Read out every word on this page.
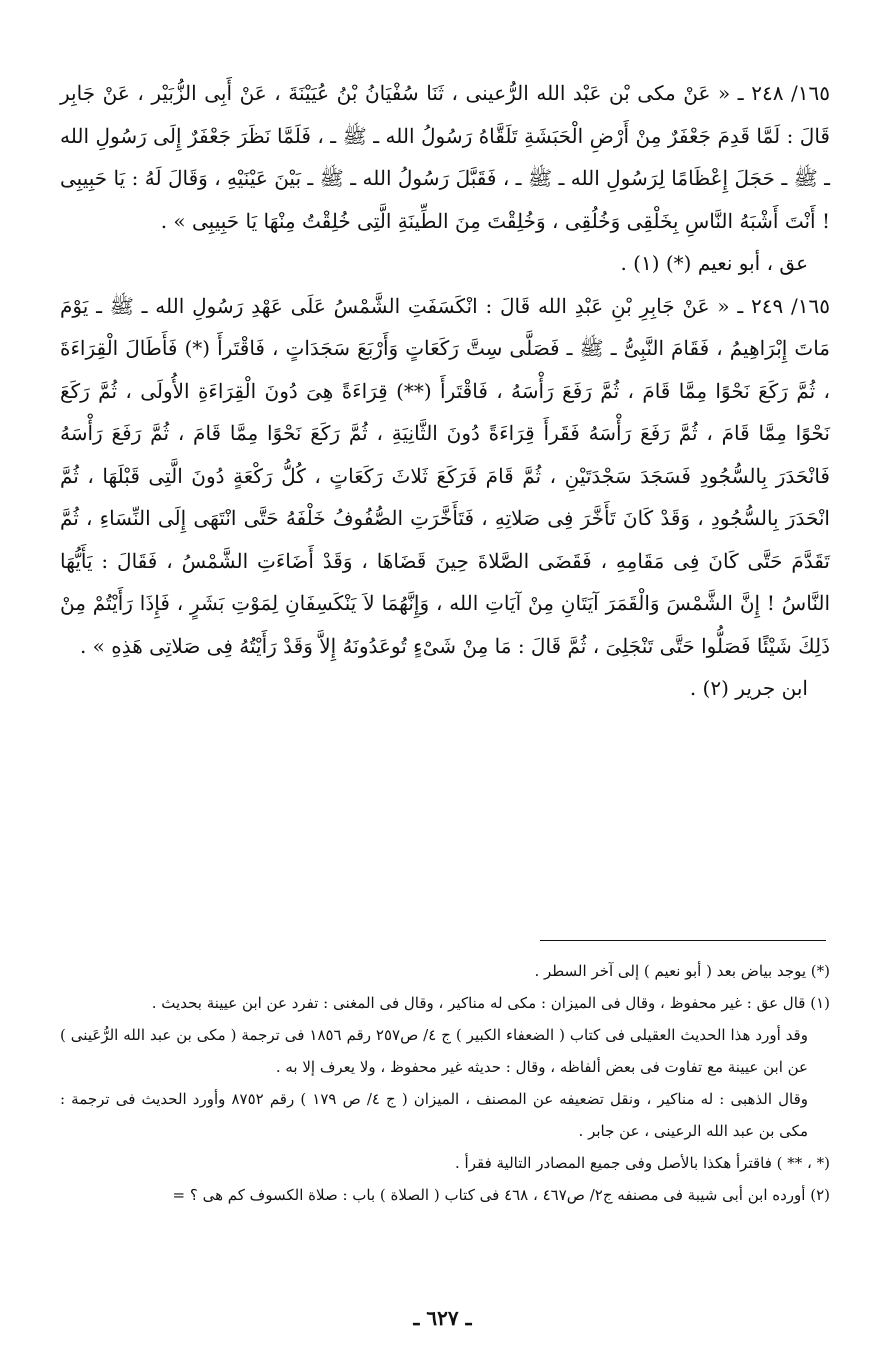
١٦٥/ ٢٤٨ ـ « عَنْ مكى بْن عَبْد الله الرُّعينى ، ثَنَا سُفْيَانُ بْنُ عُيَيْنَةَ ، عَنْ أَبِى الزُّبَيْر ، عَنْ جَابِر قَالَ : لَمَّا قَدِمَ جَعْفَرٌ مِنْ أَرْضِ الْحَبَشَةِ تَلَقَّاهُ رَسُولُ الله ـ ﷺ ـ ، فَلَمَّا نَظَرَ جَعْفَرٌ إِلَى رَسُولِ الله ـ ﷺ ـ حَجَلَ إِعْظَامًا لِرَسُولِ الله ـ ﷺ ـ ، فَقَبَّلَ رَسُولُ الله ـ ﷺ ـ بَيْنَ عَيْنَيْهِ ، وَقَالَ لَهُ : يَا حَبِيبِى ! أَنْتَ أَشْبَهُ النَّاسِ بِخَلْقِى وَخُلُقِى ، وَخُلِقْتَ مِنَ الطِّينَةِ الَّتِى خُلِقْتُ مِنْهَا يَا حَبِيبِى » .

عق ، أبو نعيم (*) (١) .

١٦٥/ ٢٤٩ ـ « عَنْ جَابِرِ بْنِ عَبْدِ الله قَالَ : انْكَسَفَتِ الشَّمْسُ عَلَى عَهْدِ رَسُولِ الله ـ ﷺ ـ يَوْمَ مَاتَ إِبْرَاهِيمُ ، فَقَامَ النَّبِىُّ ـ ﷺ ـ فَصَلَّى سِتَّ رَكَعَاتٍ وَأَرْبَعَ سَجَدَاتٍ ، فَاقْتَرأَ (*) فَأَطَالَ الْقِرَاءَةَ ، ثُمَّ رَكَعَ نَحْوًا مِمَّا قَامَ ، ثُمَّ رَفَعَ رَأْسَهُ ، فَاقْتَرأَ (**) قِرَاءَةً هِىَ دُونَ الْقِرَاءَةِ الأُولَى ، ثُمَّ رَكَعَ نَحْوًا مِمَّا قَامَ ، ثُمَّ رَفَعَ رَأْسَهُ فَقَرأَ قِرَاءَةً دُونَ الثَّانِيَةِ ، ثُمَّ رَكَعَ نَحْوًا مِمَّا قَامَ ، ثُمَّ رَفَعَ رَأْسَهُ فَانْحَدَرَ بِالسُّجُودِ فَسَجَدَ سَجْدَتَيْنِ ، ثُمَّ قَامَ فَرَكَعَ ثَلاثَ رَكَعَاتٍ ، كُلُّ رَكْعَةٍ دُونَ الَّتِى قَبْلَهَا ، ثُمَّ انْحَدَرَ بِالسُّجُودِ ، وَقَدْ كَانَ تَأَخَّرَ فِى صَلاتِهِ ، فَتَأَخَّرَتِ الصُّفُوفُ خَلْفَهُ حَتَّى انْتَهَى إِلَى النِّسَاءِ ، ثُمَّ تَقَدَّمَ حَتَّى كَانَ فِى مَقَامِهِ ، فَقَضَى الصَّلاةَ حِينَ قَضَاهَا ، وَقَدْ أَضَاءَتِ الشَّمْسُ ، فَقَالَ : يَأَيُّهَا النَّاسُ ! إِنَّ الشَّمْسَ وَالْقَمَرَ آيَتَانِ مِنْ آيَاتِ الله ، وَإِنَّهُمَا لاَ يَنْكَسِفَانِ لِمَوْتِ بَشَرٍ ، فَإِذَا رَأَيْتُمْ مِنْ ذَلِكَ شَيْئًا فَصَلُّوا حَتَّى تَنْجَلِىَ ، ثُمَّ قَالَ : مَا مِنْ شَىْءٍ تُوعَدُونَهُ إِلاَّ وَقَدْ رَأَيْتُهُ فِى صَلاتِى هَذِهِ » .

ابن جرير (٢) .

(*) يوجد بياض بعد ( أبو نعيم ) إلى آخر السطر .

(١) قال عق : غير محفوظ ، وقال فى الميزان : مكى له مناكير ، وقال فى المغنى : تفرد عن ابن عيينة بحديث .

وقد أورد هذا الحديث العقيلى فى كتاب ( الضعفاء الكبير ) ج ٤/ ص٢٥٧ رقم ١٨٥٦ فى ترجمة ( مكى بن عبد الله الرُّعَينى ) عن ابن عيينة مع تفاوت فى بعض ألفاظه ، وقال : حديثه غير محفوظ ، ولا يعرف إلا به .

وقال الذهبى : له مناكير ، ونقل تضعيفه عن المصنف ، الميزان ( ج ٤/ ص ١٧٩ ) رقم ٨٧٥٢ وأورد الحديث فى ترجمة : مكى بن عبد الله الرعينى ، عن جابر .

(* ، ** ) فاقترأ هكذا بالأصل وفى جميع المصادر التالية فقرأ .

(٢) أورده ابن أبى شيبة فى مصنفه ج٢/ ص٤٦٧ ، ٤٦٨ فى كتاب ( الصلاة ) باب : صلاة الكسوف كم هى ؟ =

ـ ٦٢٧ ـ
